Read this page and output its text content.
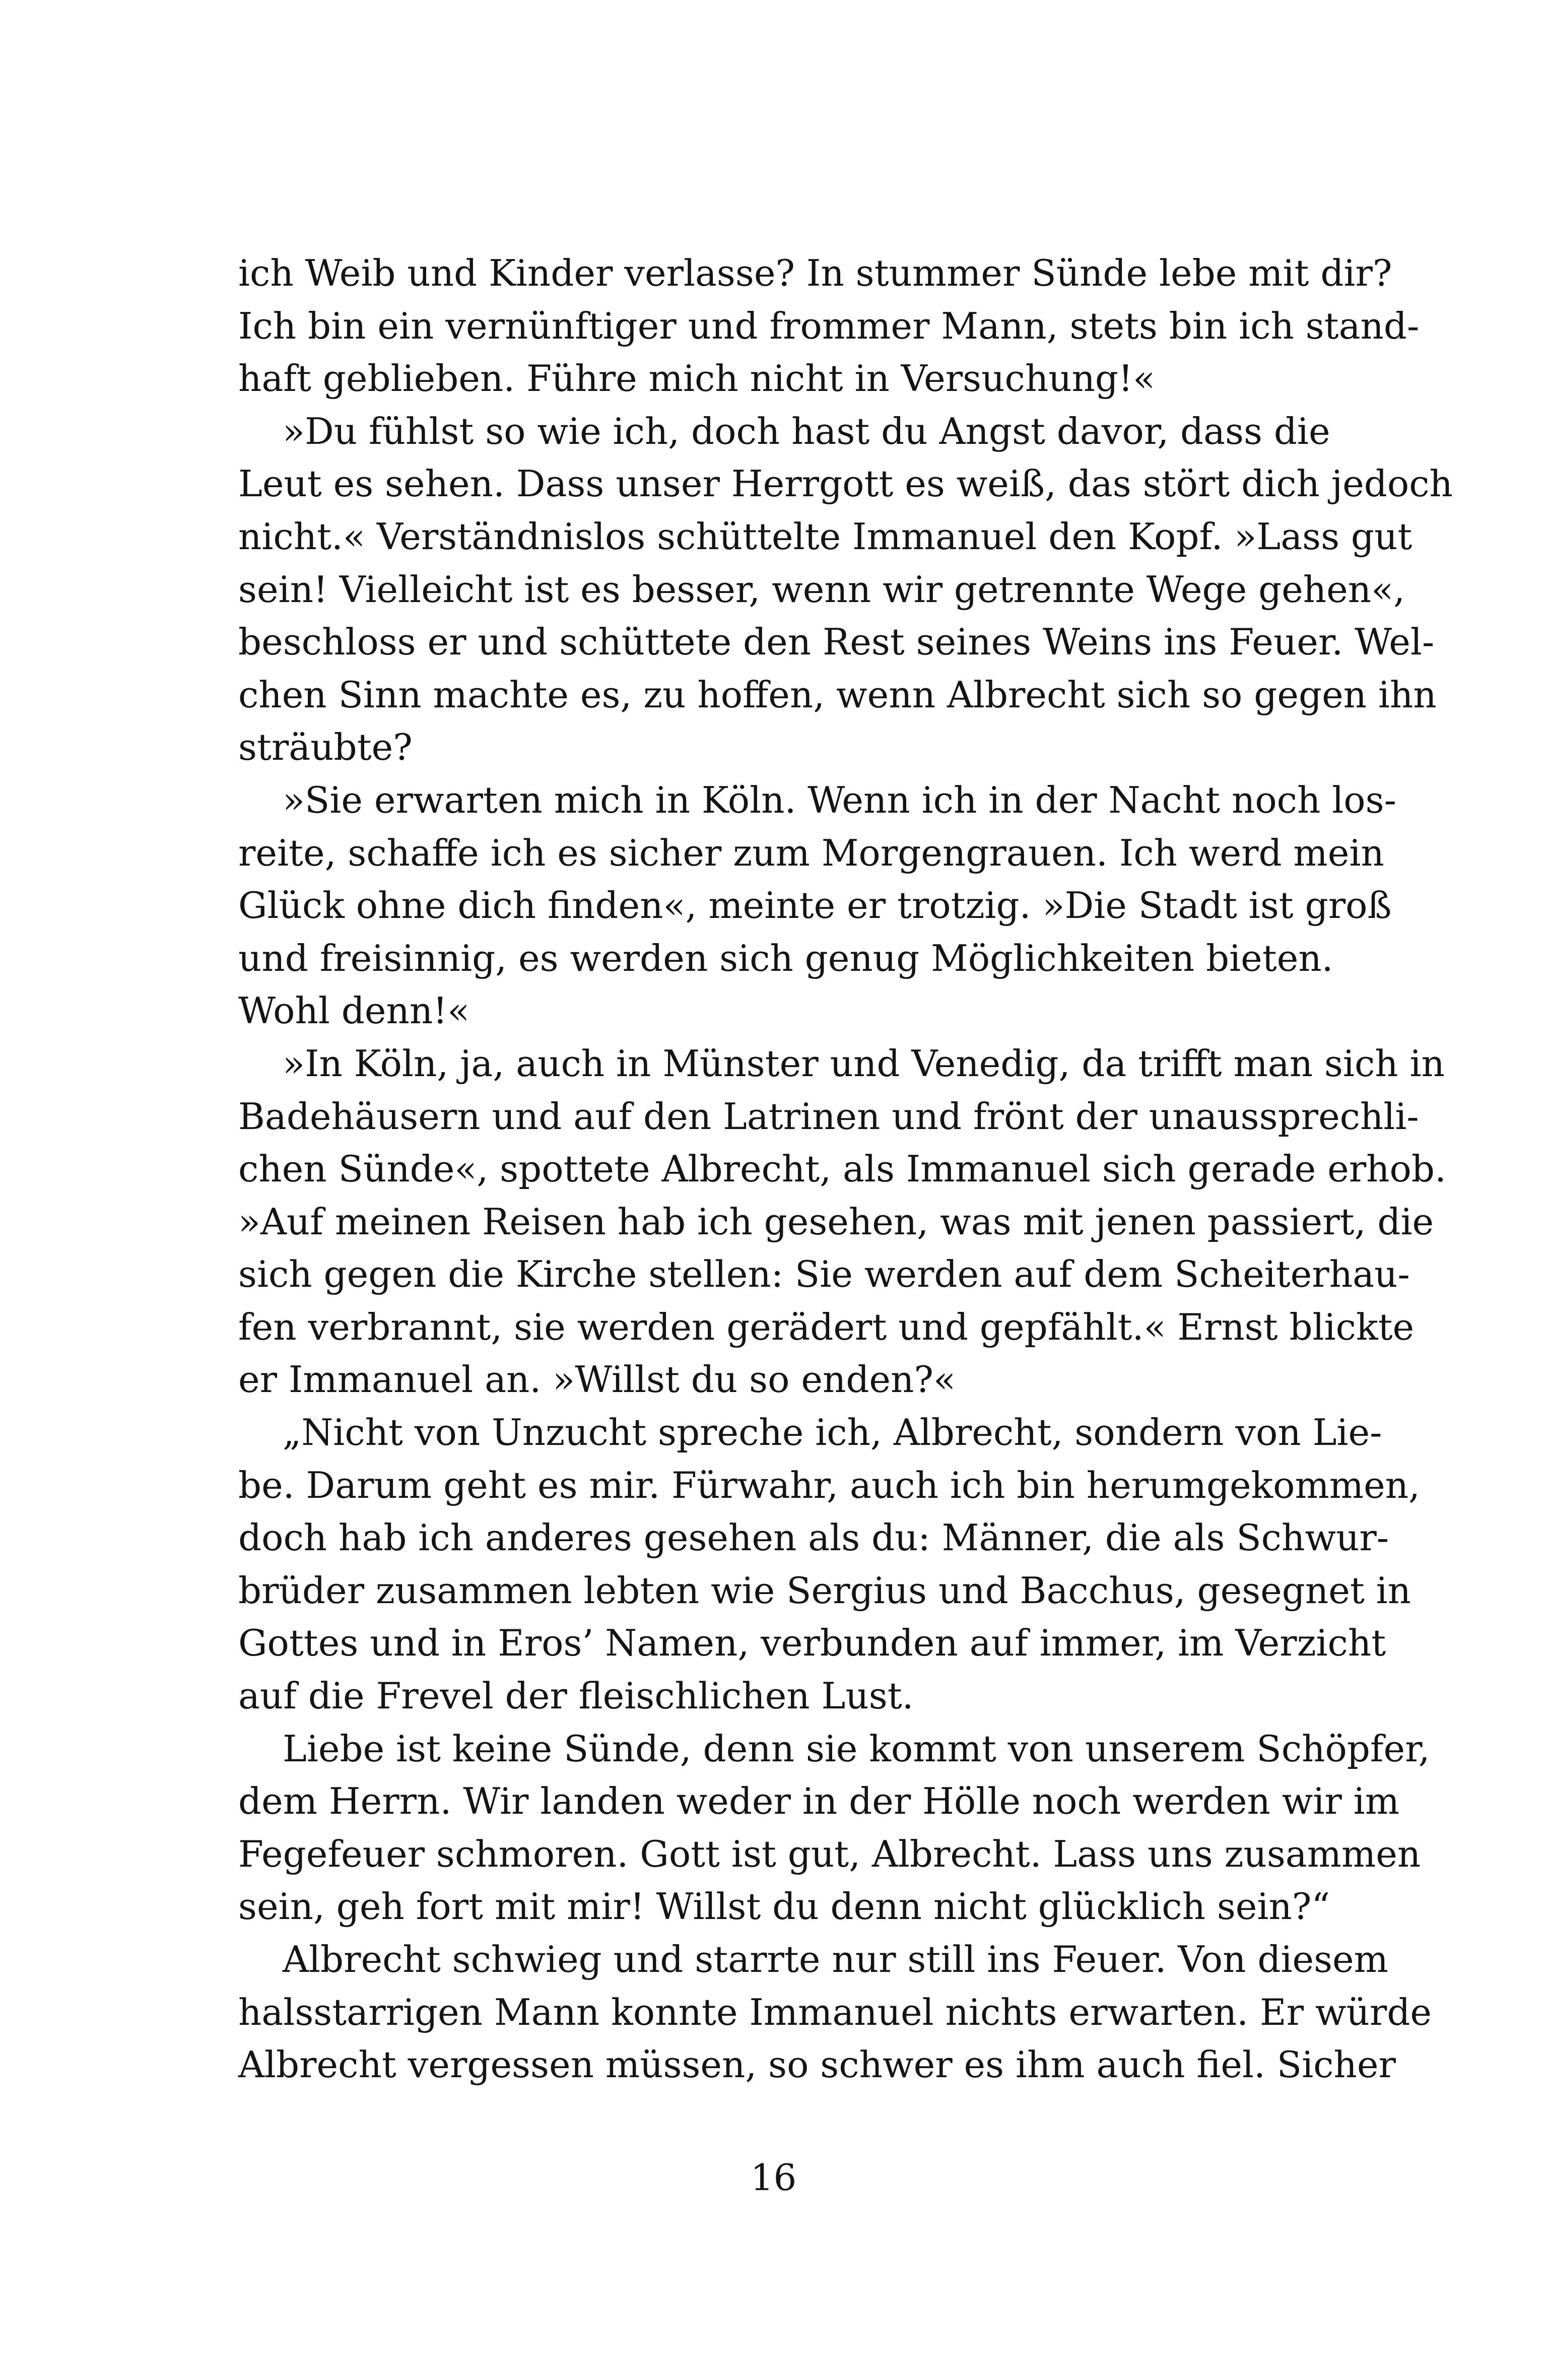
ich Weib und Kinder verlasse? In stummer Sünde lebe mit dir?
Ich bin ein vernünftiger und frommer Mann, stets bin ich stand-
haft geblieben. Führe mich nicht in Versuchung!«
»Du fühlst so wie ich, doch hast du Angst davor, dass die
Leut es sehen. Dass unser Herrgott es weiß, das stört dich jedoch
nicht.« Verständnislos schüttelte Immanuel den Kopf. »Lass gut
sein! Vielleicht ist es besser, wenn wir getrennte Wege gehen«,
beschloss er und schüttete den Rest seines Weins ins Feuer. Wel-
chen Sinn machte es, zu hoffen, wenn Albrecht sich so gegen ihn
sträubte?
»Sie erwarten mich in Köln. Wenn ich in der Nacht noch los-
reite, schaffe ich es sicher zum Morgengrauen. Ich werd mein
Glück ohne dich finden«, meinte er trotzig. »Die Stadt ist groß
und freisinnig, es werden sich genug Möglichkeiten bieten.
Wohl denn!«
»In Köln, ja, auch in Münster und Venedig, da trifft man sich in
Badehäusern und auf den Latrinen und frönt der unaussprechli-
chen Sünde«, spottete Albrecht, als Immanuel sich gerade erhob.
»Auf meinen Reisen hab ich gesehen, was mit jenen passiert, die
sich gegen die Kirche stellen: Sie werden auf dem Scheiterhau-
fen verbrannt, sie werden gerädert und gepfählt.« Ernst blickte
er Immanuel an. »Willst du so enden?«
„Nicht von Unzucht spreche ich, Albrecht, sondern von Lie-
be. Darum geht es mir. Fürwahr, auch ich bin herumgekommen,
doch hab ich anderes gesehen als du: Männer, die als Schwur-
brüder zusammen lebten wie Sergius und Bacchus, gesegnet in
Gottes und in Eros’ Namen, verbunden auf immer, im Verzicht
auf die Frevel der fleischlichen Lust.
Liebe ist keine Sünde, denn sie kommt von unserem Schöpfer,
dem Herrn. Wir landen weder in der Hölle noch werden wir im
Fegefeuer schmoren. Gott ist gut, Albrecht. Lass uns zusammen
sein, geh fort mit mir! Willst du denn nicht glücklich sein?“
Albrecht schwieg und starrte nur still ins Feuer. Von diesem
halsstarrigen Mann konnte Immanuel nichts erwarten. Er würde
Albrecht vergessen müssen, so schwer es ihm auch fiel. Sicher
16
